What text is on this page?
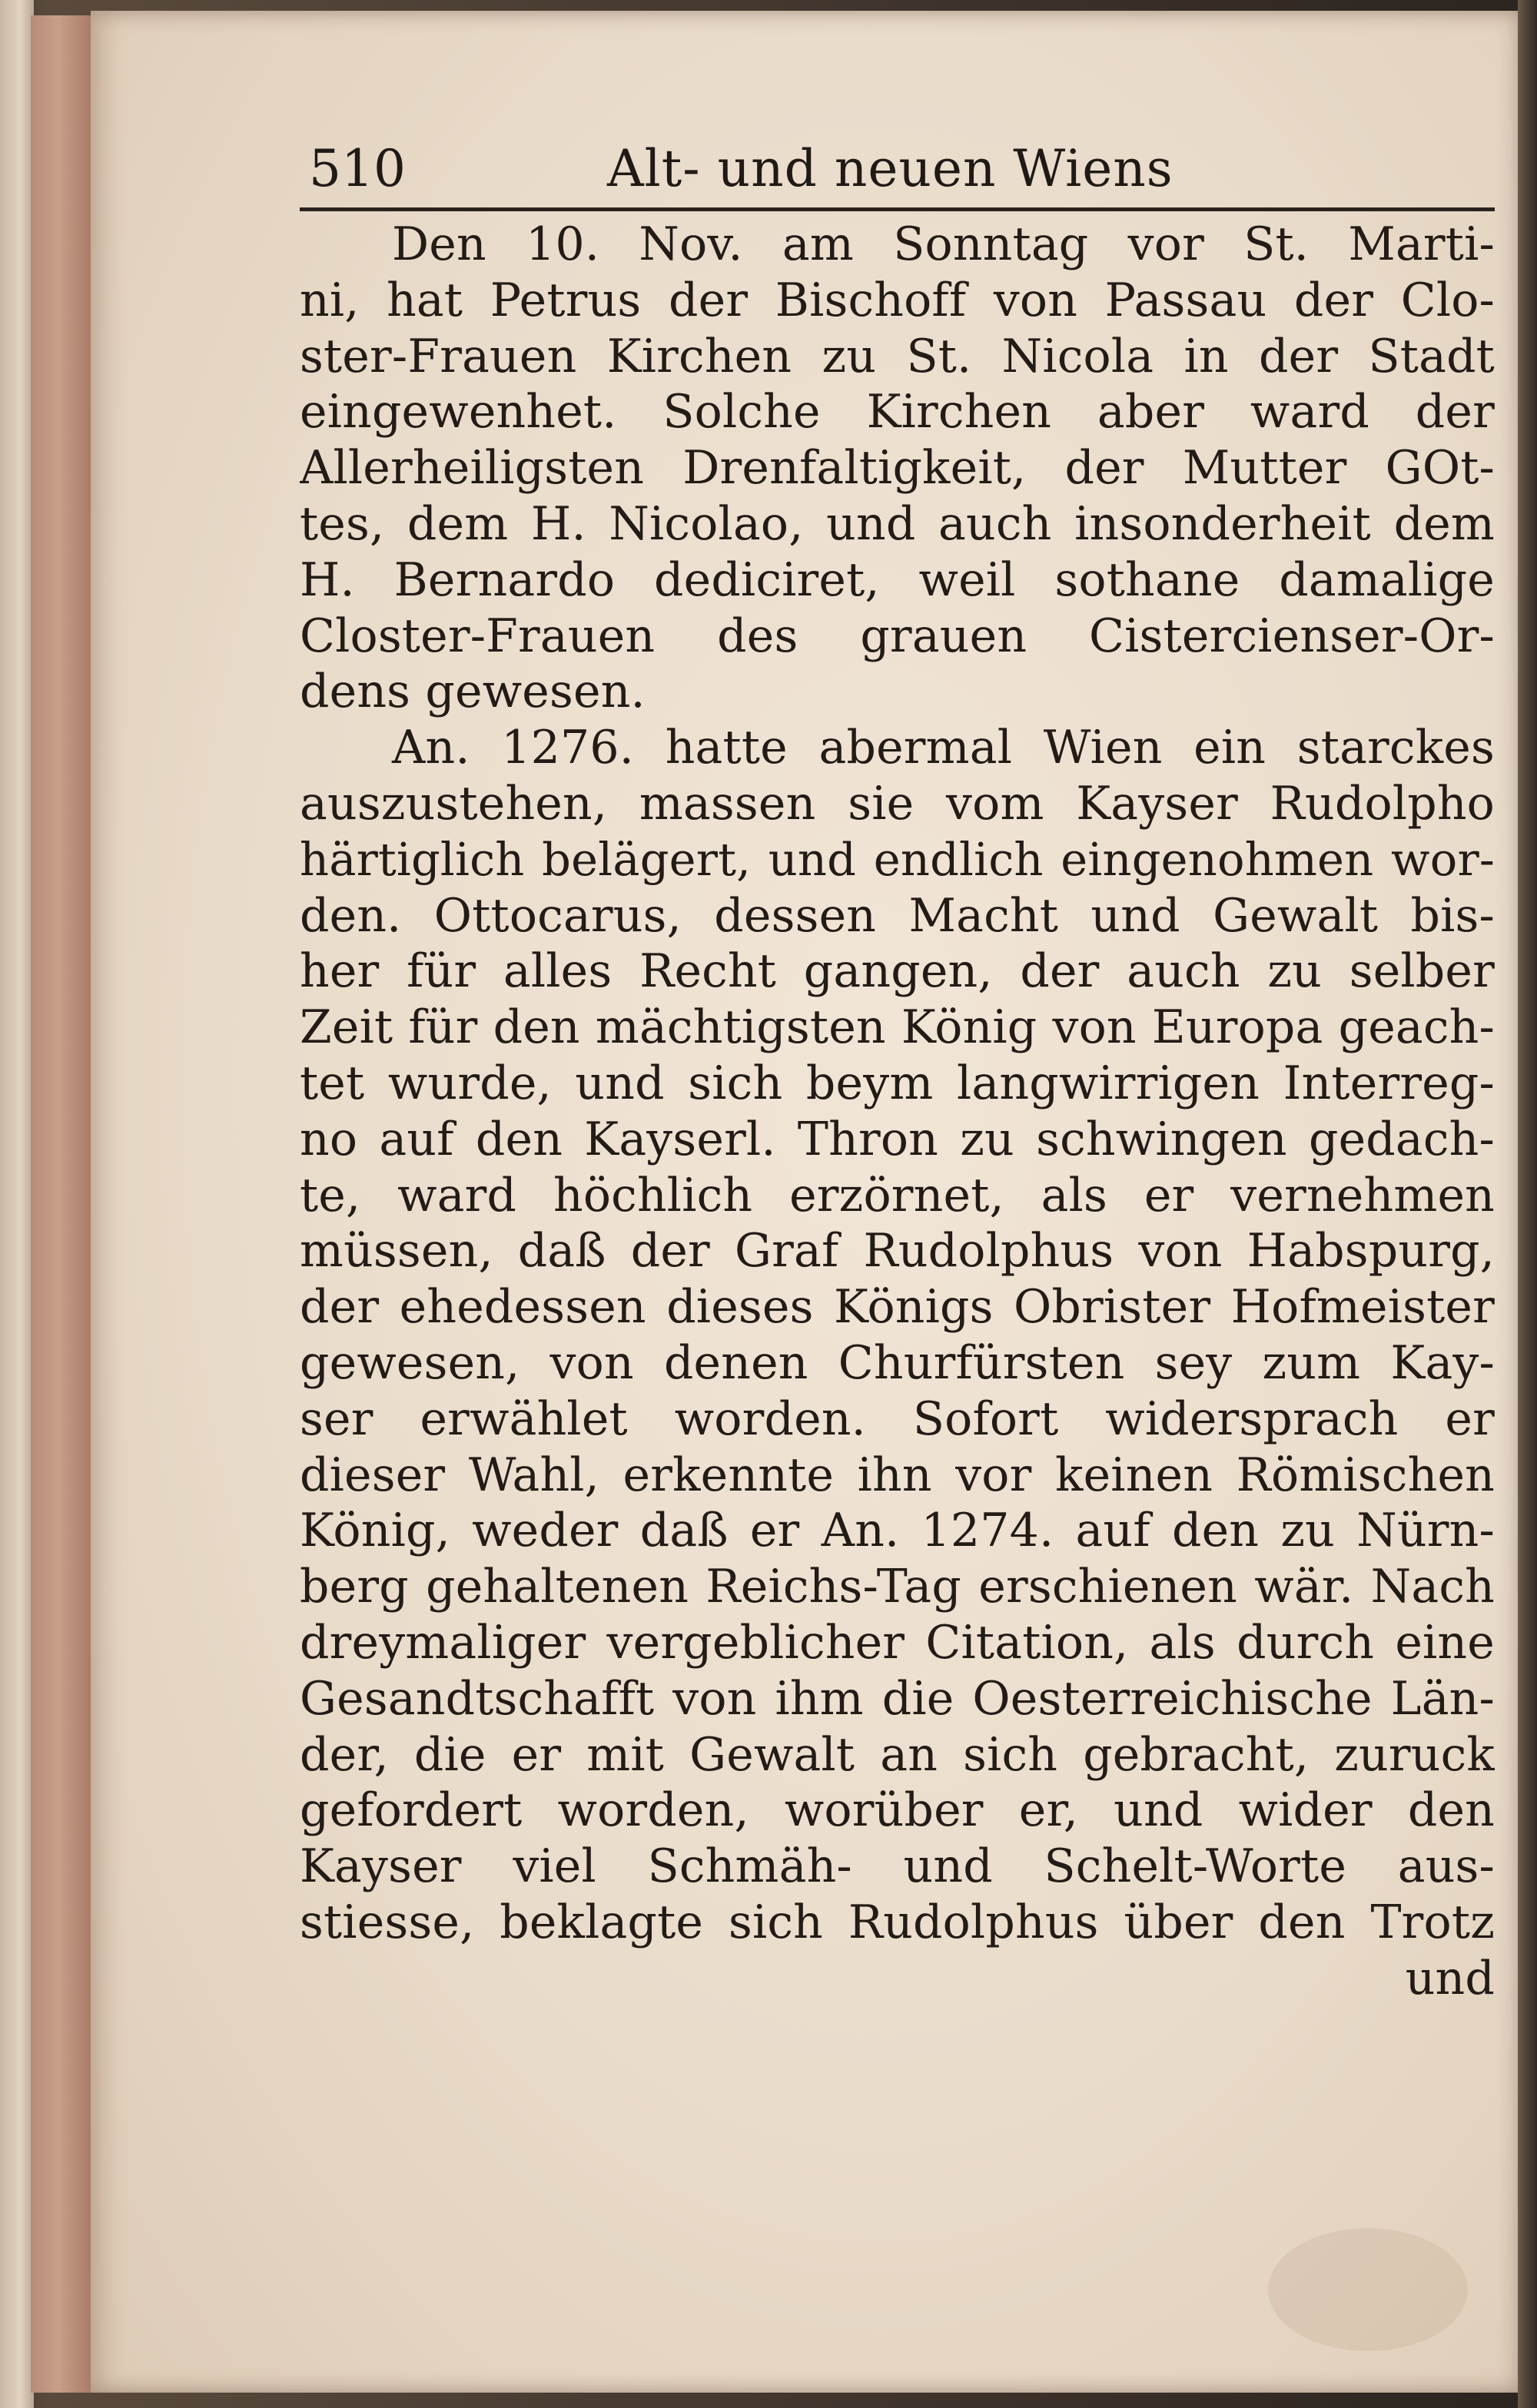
510	Alt- und neuen Wiens
Den 10. Nov. am Sonntag vor St. Marti-
ni, hat Petrus der Bischoff von Passau der Clo-
ster-Frauen Kirchen zu St. Nicola in der Stadt
eingewenhet. Solche Kirchen aber ward der
Allerheiligsten Drenfaltigkeit, der Mutter GOt-
tes, dem H. Nicolao, und auch insonderheit dem
H. Bernardo dediciret, weil sothane damalige
Closter-Frauen des grauen Cistercienser-Or-
dens gewesen.
An. 1276. hatte abermal Wien ein starckes
auszustehen, massen sie vom Kayser Rudolpho
härtiglich belägert, und endlich eingenohmen wor-
den. Ottocarus, dessen Macht und Gewalt bis-
her für alles Recht gangen, der auch zu selber
Zeit für den mächtigsten König von Europa geach-
tet wurde, und sich beym langwirrigen Interreg-
no auf den Kayserl. Thron zu schwingen gedach-
te, ward höchlich erzörnet, als er vernehmen
müssen, daß der Graf Rudolphus von Habspurg,
der ehedessen dieses Königs Obrister Hofmeister
gewesen, von denen Churfürsten sey zum Kay-
ser erwählet worden. Sofort widersprach er
dieser Wahl, erkennte ihn vor keinen Römischen
König, weder daß er An. 1274. auf den zu Nürn-
berg gehaltenen Reichs-Tag erschienen wär. Nach
dreymaliger vergeblicher Citation, als durch eine
Gesandtschafft von ihm die Oesterreichische Län-
der, die er mit Gewalt an sich gebracht, zuruck
gefordert worden, worüber er, und wider den
Kayser viel Schmäh- und Schelt-Worte aus-
stiesse, beklagte sich Rudolphus über den Trotz
und
